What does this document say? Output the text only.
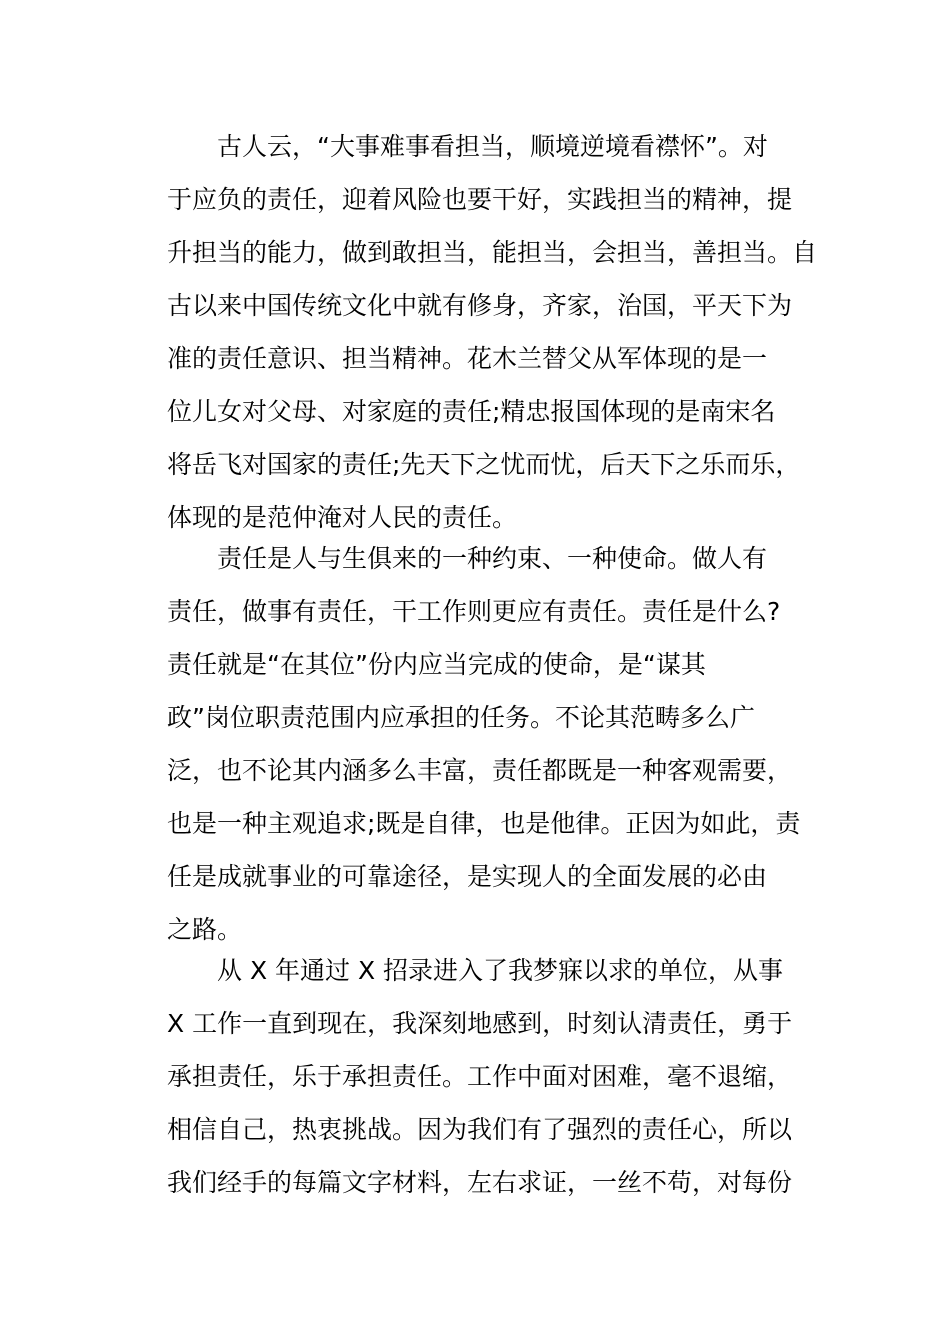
　　古人云，“大事难事看担当，顺境逆境看襟怀”。对
于应负的责任，迎着风险也要干好，实践担当的精神，提
升担当的能力，做到敢担当，能担当，会担当，善担当。自
古以来中国传统文化中就有修身，齐家，治国，平天下为
准的责任意识、担当精神。花木兰替父从军体现的是一
位儿女对父母、对家庭的责任;精忠报国体现的是南宋名
将岳飞对国家的责任;先天下之忧而忧，后天下之乐而乐，
体现的是范仲淹对人民的责任。
　　责任是人与生俱来的一种约束、一种使命。做人有
责任，做事有责任，干工作则更应有责任。责任是什么?
责任就是“在其位”份内应当完成的使命，是“谋其
政”岗位职责范围内应承担的任务。不论其范畴多么广
泛，也不论其内涵多么丰富，责任都既是一种客观需要，
也是一种主观追求;既是自律，也是他律。正因为如此，责
任是成就事业的可靠途径，是实现人的全面发展的必由
之路。
　　从 X 年通过 X 招录进入了我梦寐以求的单位，从事
X 工作一直到现在，我深刻地感到，时刻认清责任，勇于
承担责任，乐于承担责任。工作中面对困难，毫不退缩，
相信自己，热衷挑战。因为我们有了强烈的责任心，所以
我们经手的每篇文字材料，左右求证，一丝不苟，对每份
